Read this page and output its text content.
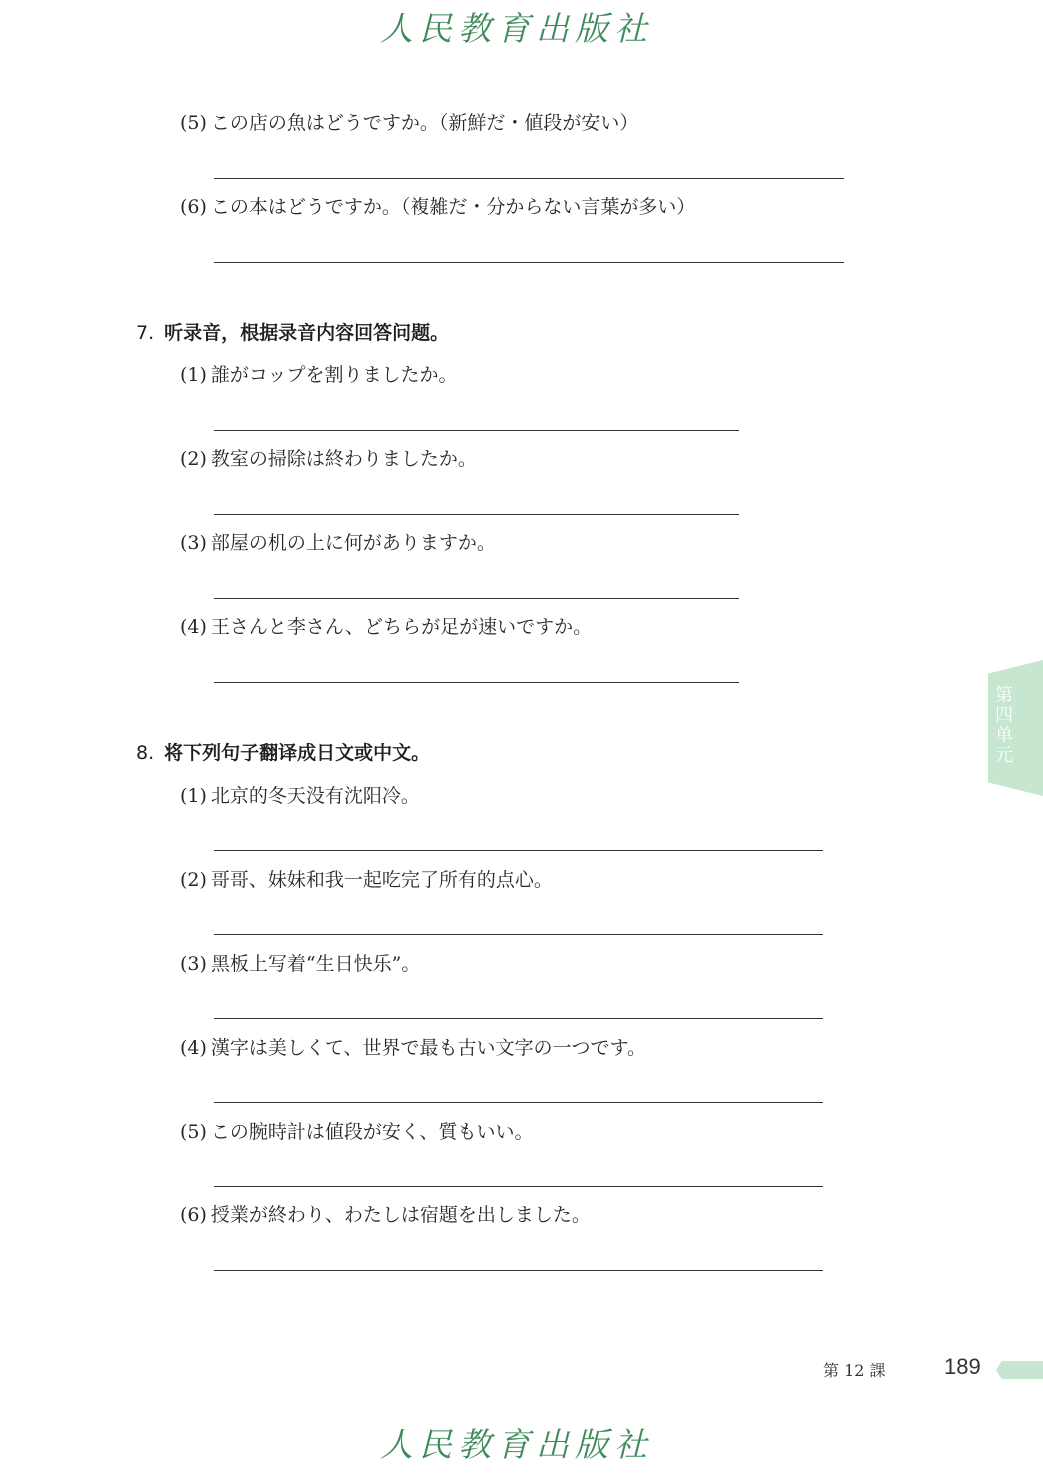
人民教育出版社
(5) この店の魚はどうですか。（新鮮だ・値段が安い）
(6) この本はどうですか。（複雑だ・分からない言葉が多い）
7. 听录音，根据录音内容回答问题。
(1) 誰がコップを割りましたか。
(2) 教室の掃除は終わりましたか。
(3) 部屋の机の上に何がありますか。
(4) 王さんと李さん、どちらが足が速いですか。
8. 将下列句子翻译成日文或中文。
(1) 北京的冬天没有沈阳冷。
(2) 哥哥、妹妹和我一起吃完了所有的点心。
(3) 黑板上写着“生日快乐”。
(4) 漢字は美しくて、世界で最も古い文字の一つです。
(5) この腕時計は値段が安く、質もいい。
(6) 授業が終わり、わたしは宿題を出しました。
第四单元
第 12 課	189
人民教育出版社
